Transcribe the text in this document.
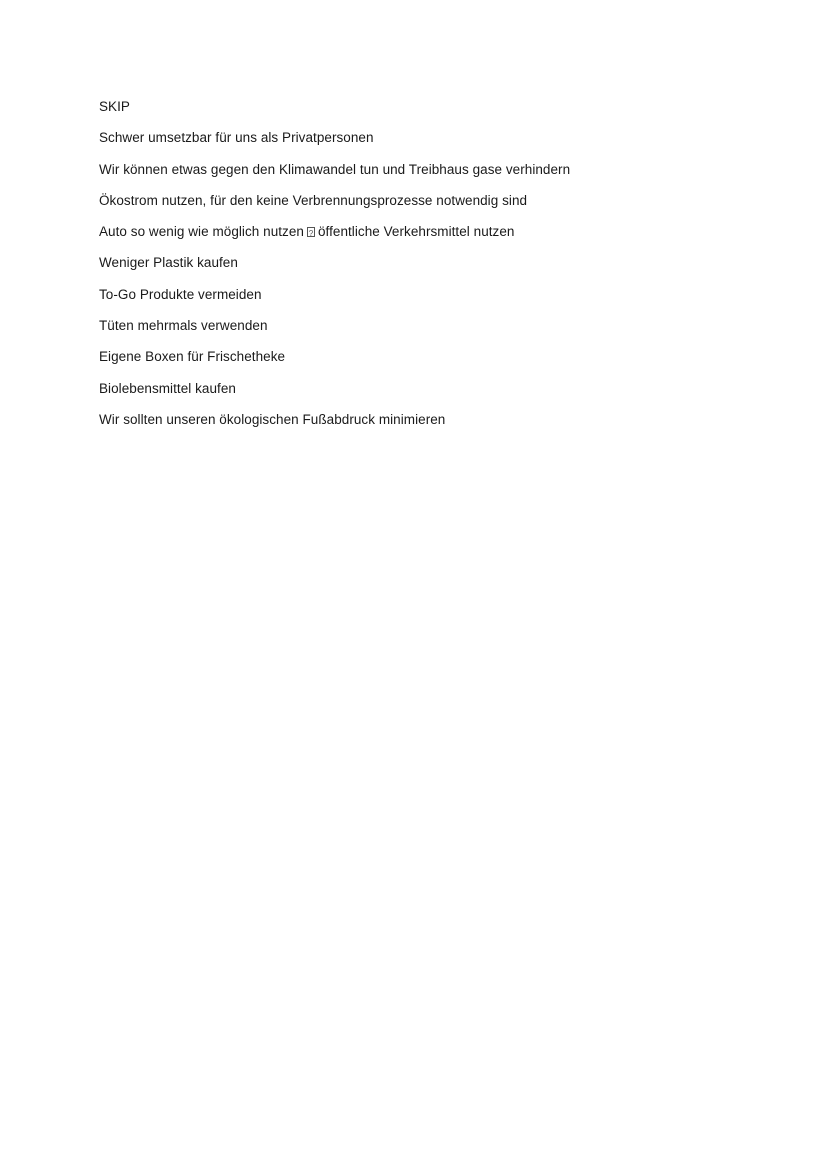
SKIP
Schwer umsetzbar für uns als Privatpersonen
Wir können etwas gegen den Klimawandel tun und Treibhaus gase verhindern
Ökostrom nutzen, für den keine Verbrennungsprozesse notwendig sind
Auto so wenig wie möglich nutzen? öffentliche Verkehrsmittel nutzen
Weniger Plastik kaufen
To-Go Produkte vermeiden
Tüten mehrmals verwenden
Eigene Boxen für Frischetheke
Biolebensmittel kaufen
Wir sollten unseren ökologischen Fußabdruck minimieren
